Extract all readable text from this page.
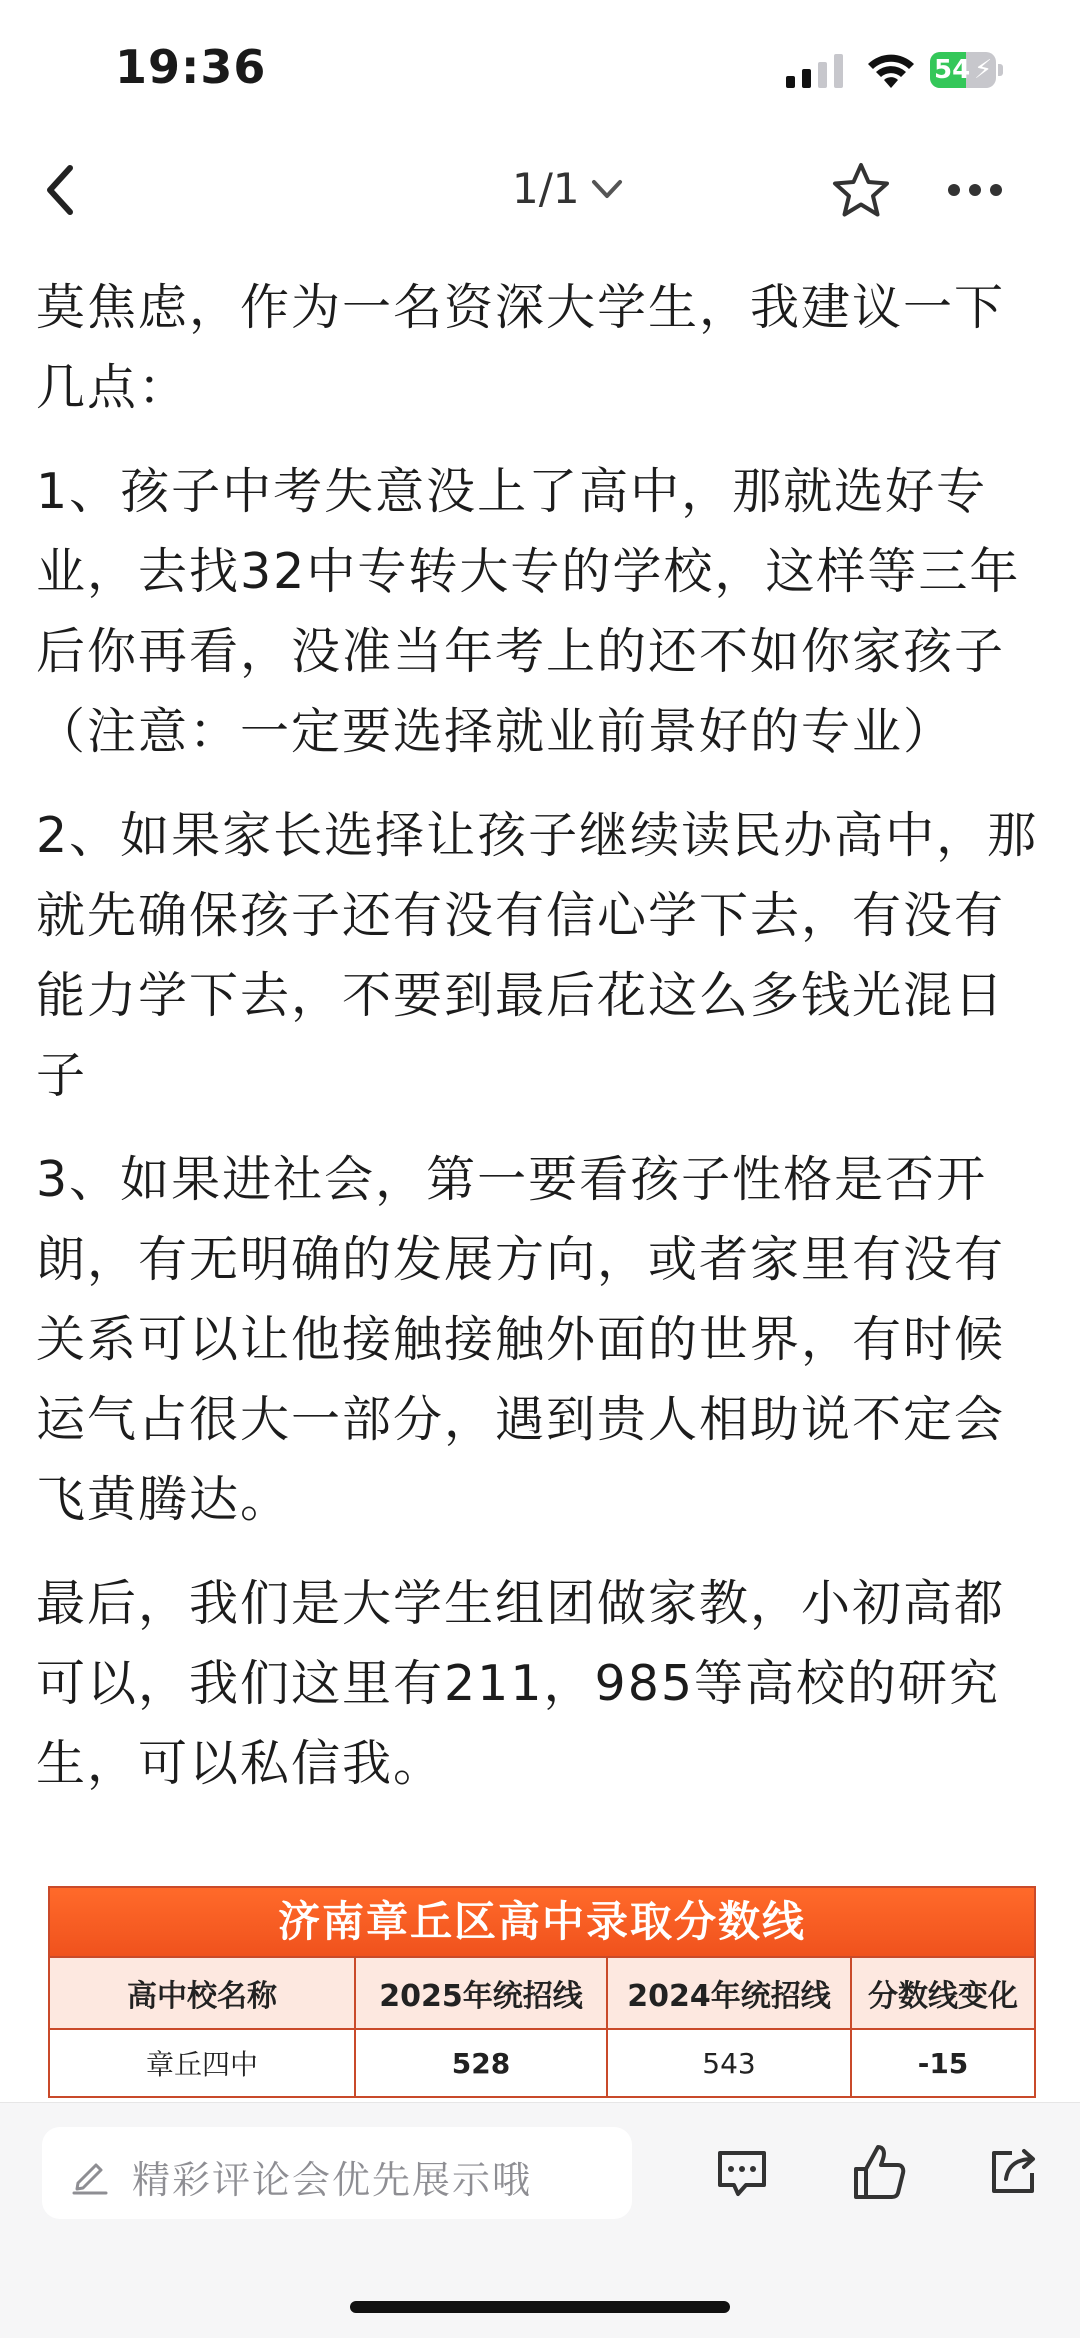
19:36	54 ⚡
1/1

莫焦虑，作为一名资深大学生，我建议一下几点：

1、孩子中考失意没上了高中，那就选好专业，去找32中专转大专的学校，这样等三年后你再看，没准当年考上的还不如你家孩子（注意：一定要选择就业前景好的专业）

2、如果家长选择让孩子继续读民办高中，那就先确保孩子还有没有信心学下去，有没有能力学下去，不要到最后花这么多钱光混日子

3、如果进社会，第一要看孩子性格是否开朗，有无明确的发展方向，或者家里有没有关系可以让他接触接触外面的世界，有时候运气占很大一部分，遇到贵人相助说不定会飞黄腾达。

最后，我们是大学生组团做家教，小初高都可以，我们这里有211，985等高校的研究生，可以私信我。

济南章丘区高中录取分数线
高中校名称	2025年统招线	2024年统招线	分数线变化
章丘四中	528	543	-15
精彩评论会优先展示哦
